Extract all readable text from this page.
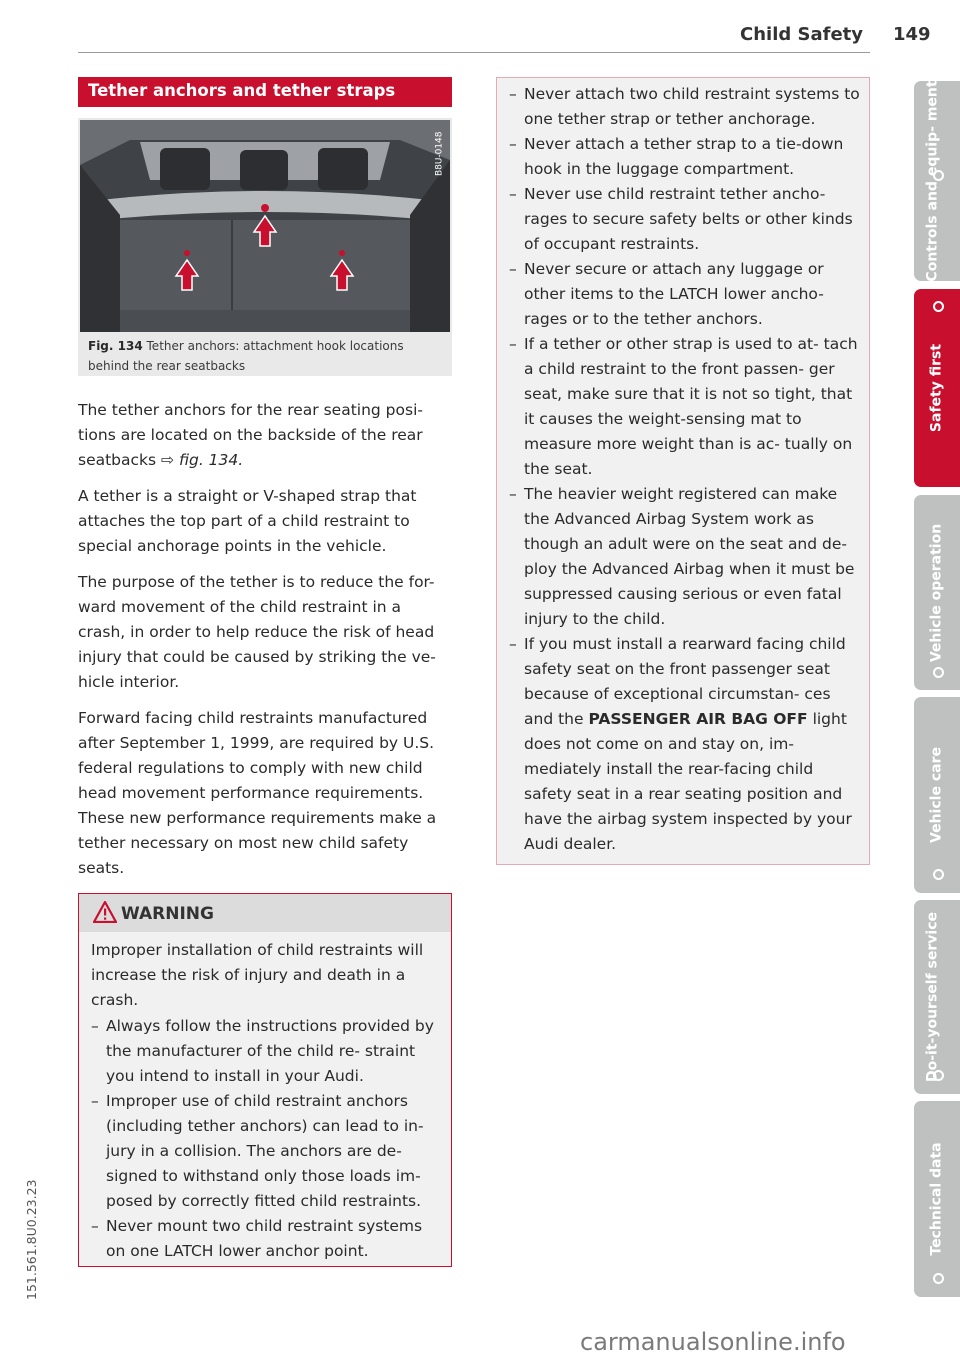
Child Safety 149
Tether anchors and tether straps
B8U-0148
Fig. 134 Tether anchors: attachment hook locations behind the rear seatbacks

The tether anchors for the rear seating posi- tions are located on the backside of the rear seatbacks ⇨ fig. 134.

A tether is a straight or V-shaped strap that attaches the top part of a child restraint to special anchorage points in the vehicle.

The purpose of the tether is to reduce the for- ward movement of the child restraint in a crash, in order to help reduce the risk of head injury that could be caused by striking the ve- hicle interior.

Forward facing child restraints manufactured after September 1, 1999, are required by U.S. federal regulations to comply with new child head movement performance requirements. These new performance requirements make a tether necessary on most new child safety seats.

WARNING

Improper installation of child restraints will increase the risk of injury and death in a crash.

– Always follow the instructions provided by the manufacturer of the child re- straint you intend to install in your Audi.

– Improper use of child restraint anchors (including tether anchors) can lead to in- jury in a collision. The anchors are de- signed to withstand only those loads im- posed by correctly fitted child restraints.

– Never mount two child restraint systems on one LATCH lower anchor point.

– Never attach two child restraint systems to one tether strap or tether anchorage.

– Never attach a tether strap to a tie-down hook in the luggage compartment.

– Never use child restraint tether ancho- rages to secure safety belts or other kinds of occupant restraints.

– Never secure or attach any luggage or other items to the LATCH lower ancho- rages or to the tether anchors.

– If a tether or other strap is used to at- tach a child restraint to the front passen- ger seat, make sure that it is not so tight, that it causes the weight-sensing mat to measure more weight than is ac- tually on the seat.

– The heavier weight registered can make the Advanced Airbag System work as though an adult were on the seat and de- ploy the Advanced Airbag when it must be suppressed causing serious or even fatal injury to the child.

– If you must install a rearward facing child safety seat on the front passenger seat because of exceptional circumstan- ces and the PASSENGER AIR BAG OFF light does not come on and stay on, im- mediately install the rear-facing child safety seat in a rear seating position and have the airbag system inspected by your Audi dealer.

Controls and equip- ment
Safety first
Vehicle operation
Vehicle care
Do-it-yourself service
Technical data
151.561.8U0.23.23
carmanualsonline.info
